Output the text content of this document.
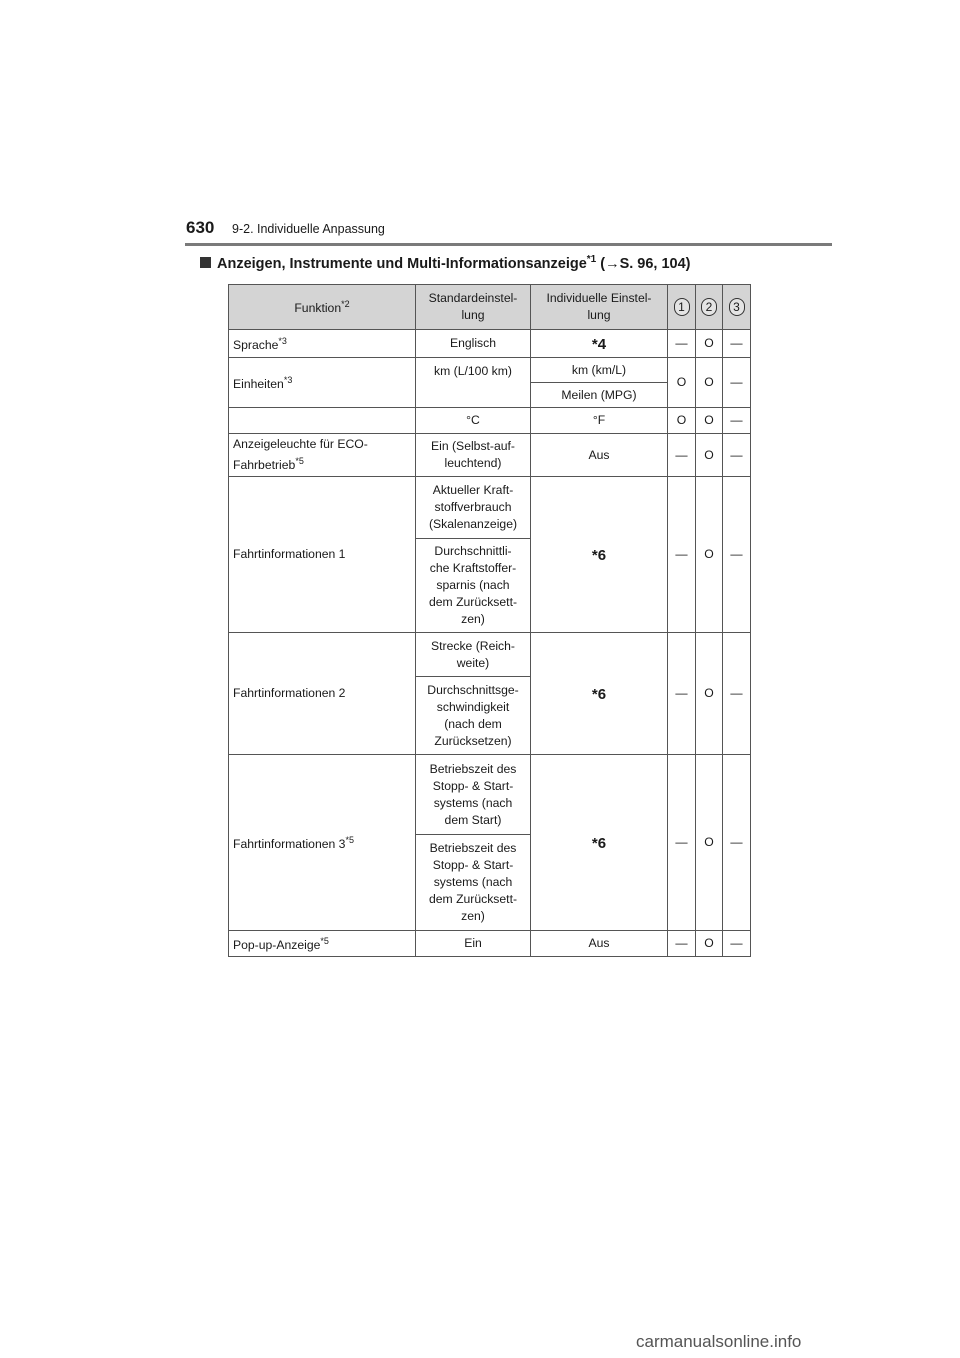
630 9-2. Individuelle Anpassung
Anzeigen, Instrumente und Multi-Informationsanzeige$^{*1}$ (→S. 96, 104)
Funktion$^{*2}$	Standardeinstel-
lung	Individuelle Einstel-
lung	1	2	3
Sprache$^{*3}$	Englisch	*4	—	O	—
Einheiten$^{*3}$	km (L/100 km)	km (km/L)	O	O	—
		Meilen (MPG)			
	°C	°F	O	O	—
Anzeigeleuchte für ECO-
Fahrbetrieb$^{*5}$	Ein (Selbst-auf-
leuchtend)	Aus	—	O	—
Fahrtinformationen 1	Aktueller Kraft-
stoffverbrauch
(Skalenanzeige)	*6	—	O	—
	Durchschnittli-
che Kraftstoffer-
sparnis (nach
dem Zurücksett-
zen)				
Fahrtinformationen 2	Strecke (Reich-
weite)	*6	—	O	—
	Durchschnittsge-
schwindigkeit
(nach dem
Zurücksetzen)				
Fahrtinformationen 3$^{*5}$	Betriebszeit des
Stopp- & Start-
systems (nach
dem Start)	*6	—	O	—
	Betriebszeit des
Stopp- & Start-
systems (nach
dem Zurücksett-
zen)				
Pop-up-Anzeige$^{*5}$	Ein	Aus	—	O	—
carmanualsonline.info
